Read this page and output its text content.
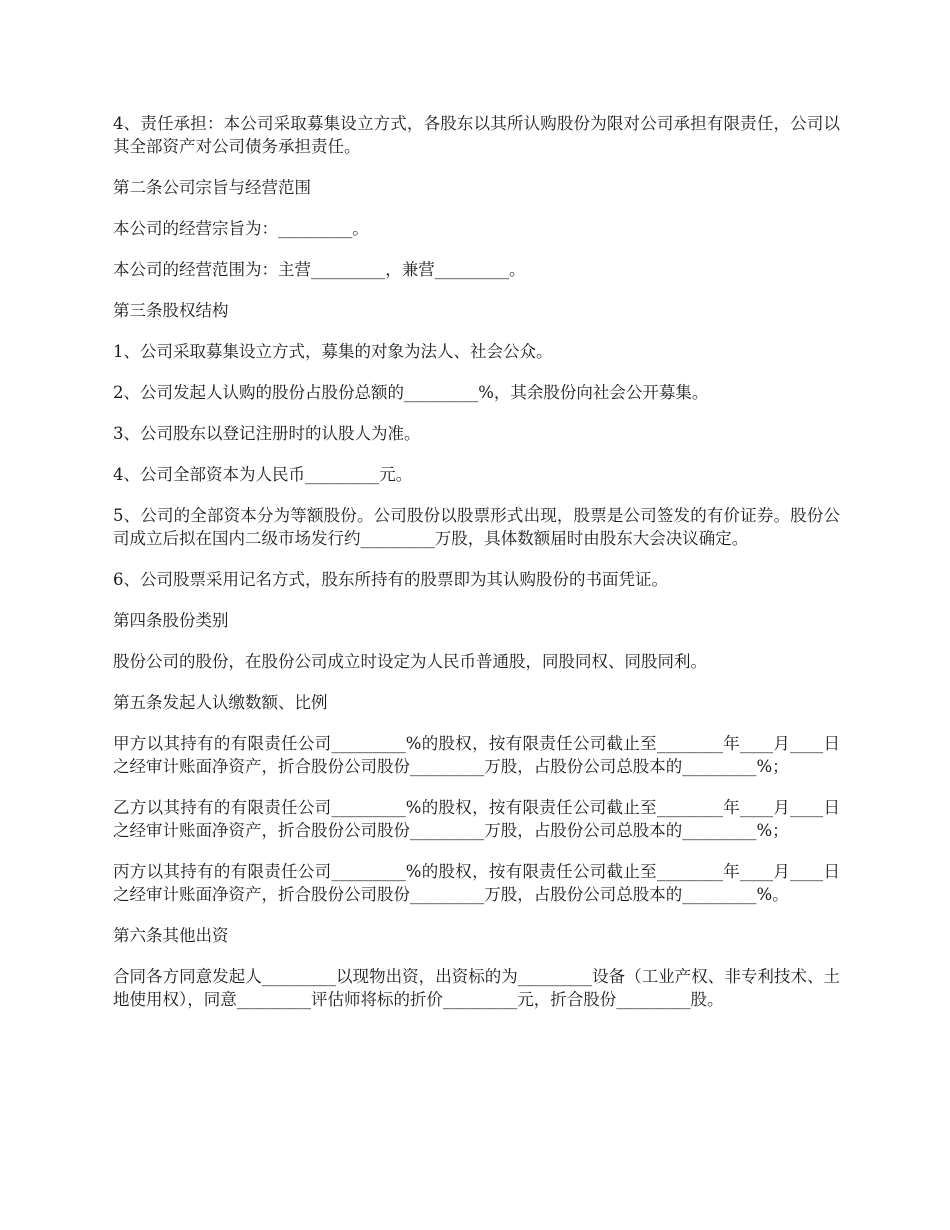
4、责任承担：本公司采取募集设立方式，各股东以其所认购股份为限对公司承担有限责任，公司以其全部资产对公司债务承担责任。

第二条公司宗旨与经营范围

本公司的经营宗旨为：_________。

本公司的经营范围为：主营_________，兼营_________。

第三条股权结构

1、公司采取募集设立方式，募集的对象为法人、社会公众。

2、公司发起人认购的股份占股份总额的_________%，其余股份向社会公开募集。

3、公司股东以登记注册时的认股人为准。

4、公司全部资本为人民币_________元。

5、公司的全部资本分为等额股份。公司股份以股票形式出现，股票是公司签发的有价证券。股份公司成立后拟在国内二级市场发行约_________万股，具体数额届时由股东大会决议确定。

6、公司股票采用记名方式，股东所持有的股票即为其认购股份的书面凭证。

第四条股份类别

股份公司的股份，在股份公司成立时设定为人民币普通股，同股同权、同股同利。

第五条发起人认缴数额、比例

甲方以其持有的有限责任公司_________%的股权，按有限责任公司截止至________年____月____日之经审计账面净资产，折合股份公司股份_________万股，占股份公司总股本的_________%；

乙方以其持有的有限责任公司_________%的股权，按有限责任公司截止至________年____月____日之经审计账面净资产，折合股份公司股份_________万股，占股份公司总股本的_________%；

丙方以其持有的有限责任公司_________%的股权，按有限责任公司截止至________年____月____日之经审计账面净资产，折合股份公司股份_________万股，占股份公司总股本的_________%。

第六条其他出资

合同各方同意发起人_________以现物出资，出资标的为_________设备（工业产权、非专利技术、土地使用权），同意_________评估师将标的折价_________元，折合股份_________股。
